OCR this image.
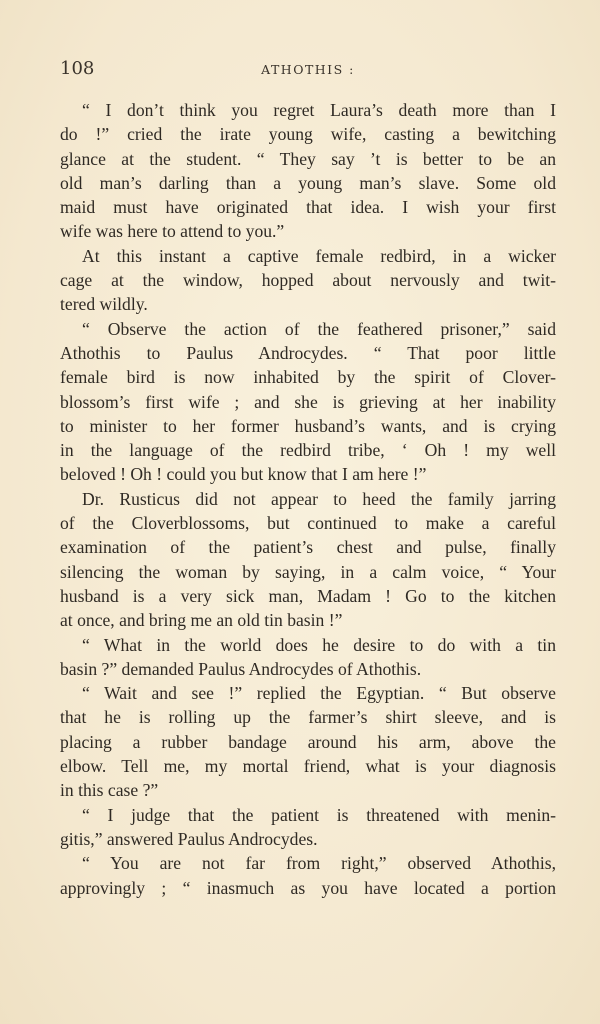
108	ATHOTHIS :
“ I don’t think you regret Laura’s death more than I
do !” cried the irate young wife, casting a bewitching
glance at the student. “ They say ’t is better to be an
old man’s darling than a young man’s slave. Some old
maid must have originated that idea. I wish your first
wife was here to attend to you.”
At this instant a captive female redbird, in a wicker
cage at the window, hopped about nervously and twit-
tered wildly.
“ Observe the action of the feathered prisoner,” said
Athothis to Paulus Androcydes. “ That poor little
female bird is now inhabited by the spirit of Clover-
blossom’s first wife ; and she is grieving at her inability
to minister to her former husband’s wants, and is crying
in the language of the redbird tribe, ‘ Oh ! my well
beloved ! Oh ! could you but know that I am here !”
Dr. Rusticus did not appear to heed the family jarring
of the Cloverblossoms, but continued to make a careful
examination of the patient’s chest and pulse, finally
silencing the woman by saying, in a calm voice, “ Your
husband is a very sick man, Madam ! Go to the kitchen
at once, and bring me an old tin basin !”
“ What in the world does he desire to do with a tin
basin ?” demanded Paulus Androcydes of Athothis.
“ Wait and see !” replied the Egyptian. “ But observe
that he is rolling up the farmer’s shirt sleeve, and is
placing a rubber bandage around his arm, above the
elbow. Tell me, my mortal friend, what is your diagnosis
in this case ?”
“ I judge that the patient is threatened with menin-
gitis,” answered Paulus Androcydes.
“ You are not far from right,” observed Athothis,
approvingly ; “ inasmuch as you have located a portion
